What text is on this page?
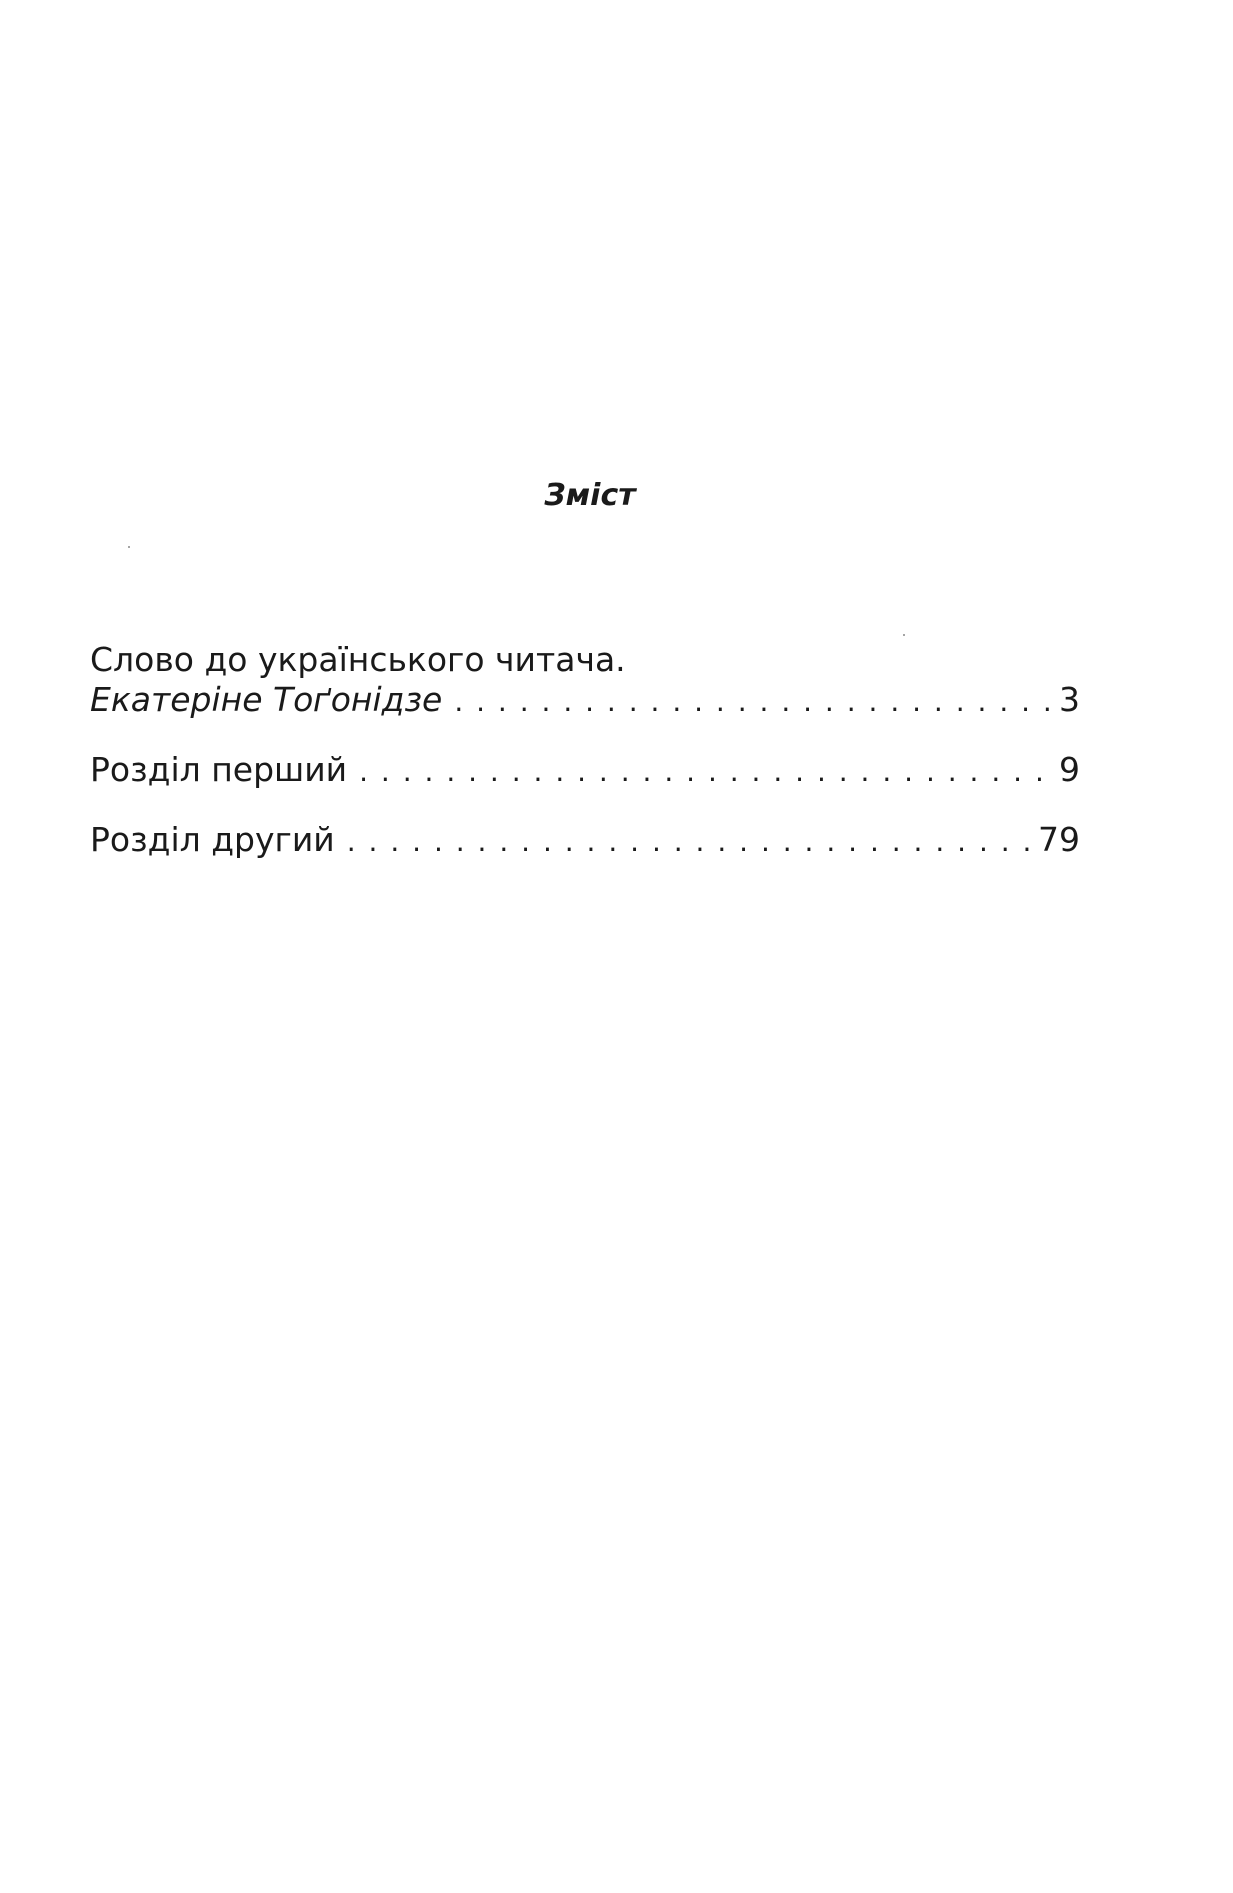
Зміст
Слово до українського читача.
Екатеріне Тоґонідзе . . .	3
Розділ перший . . .	9
Розділ другий . . .	79
